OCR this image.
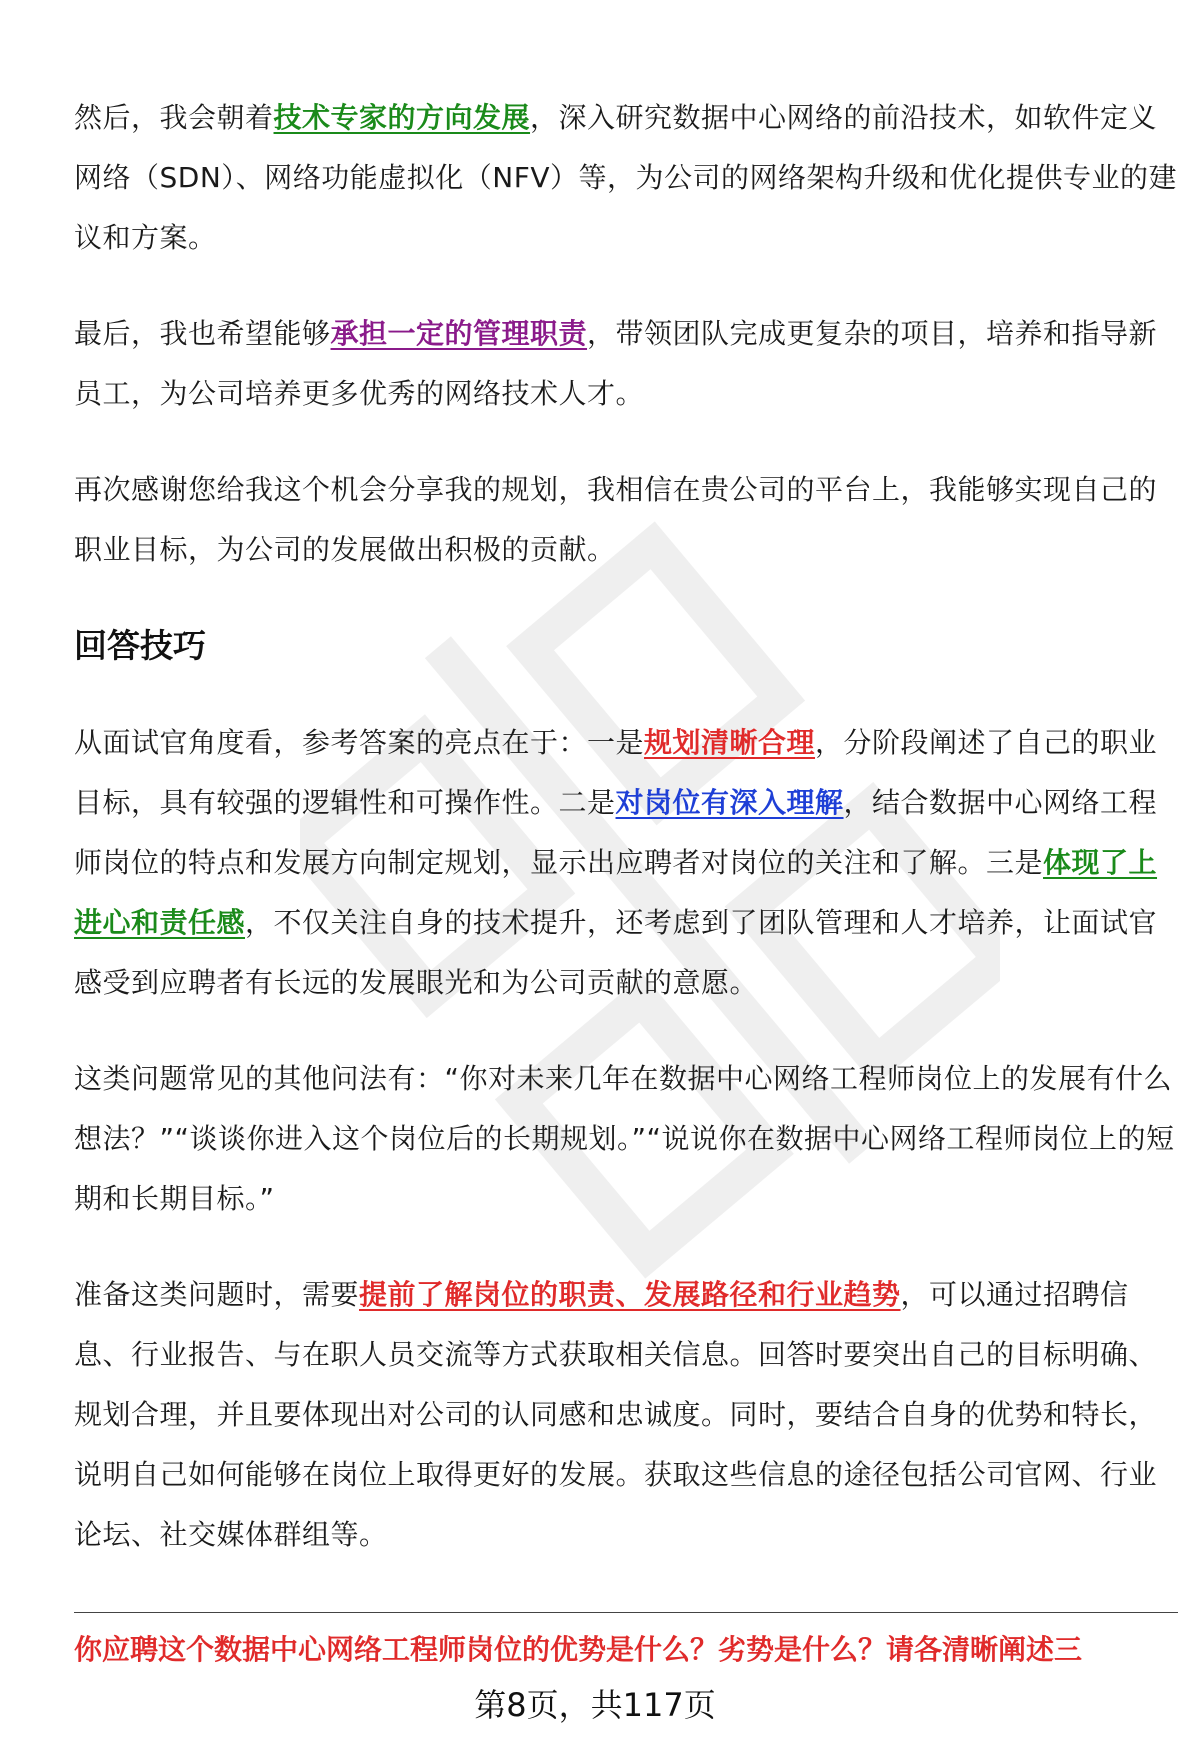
然后，我会朝着技术专家的方向发展，深入研究数据中心网络的前沿技术，如软件定义网络（SDN）、网络功能虚拟化（NFV）等，为公司的网络架构升级和优化提供专业的建议和方案。

最后，我也希望能够承担一定的管理职责，带领团队完成更复杂的项目，培养和指导新员工，为公司培养更多优秀的网络技术人才。

再次感谢您给我这个机会分享我的规划，我相信在贵公司的平台上，我能够实现自己的职业目标，为公司的发展做出积极的贡献。

回答技巧

从面试官角度看，参考答案的亮点在于：一是规划清晰合理，分阶段阐述了自己的职业目标，具有较强的逻辑性和可操作性。二是对岗位有深入理解，结合数据中心网络工程师岗位的特点和发展方向制定规划，显示出应聘者对岗位的关注和了解。三是体现了上进心和责任感，不仅关注自身的技术提升，还考虑到了团队管理和人才培养，让面试官感受到应聘者有长远的发展眼光和为公司贡献的意愿。

这类问题常见的其他问法有：“你对未来几年在数据中心网络工程师岗位上的发展有什么想法？”“谈谈你进入这个岗位后的长期规划。”“说说你在数据中心网络工程师岗位上的短期和长期目标。”

准备这类问题时，需要提前了解岗位的职责、发展路径和行业趋势，可以通过招聘信息、行业报告、与在职人员交流等方式获取相关信息。回答时要突出自己的目标明确、规划合理，并且要体现出对公司的认同感和忠诚度。同时，要结合自身的优势和特长，说明自己如何能够在岗位上取得更好的发展。获取这些信息的途径包括公司官网、行业论坛、社交媒体群组等。

你应聘这个数据中心网络工程师岗位的优势是什么？劣势是什么？请各清晰阐述三
第8页，共117页
